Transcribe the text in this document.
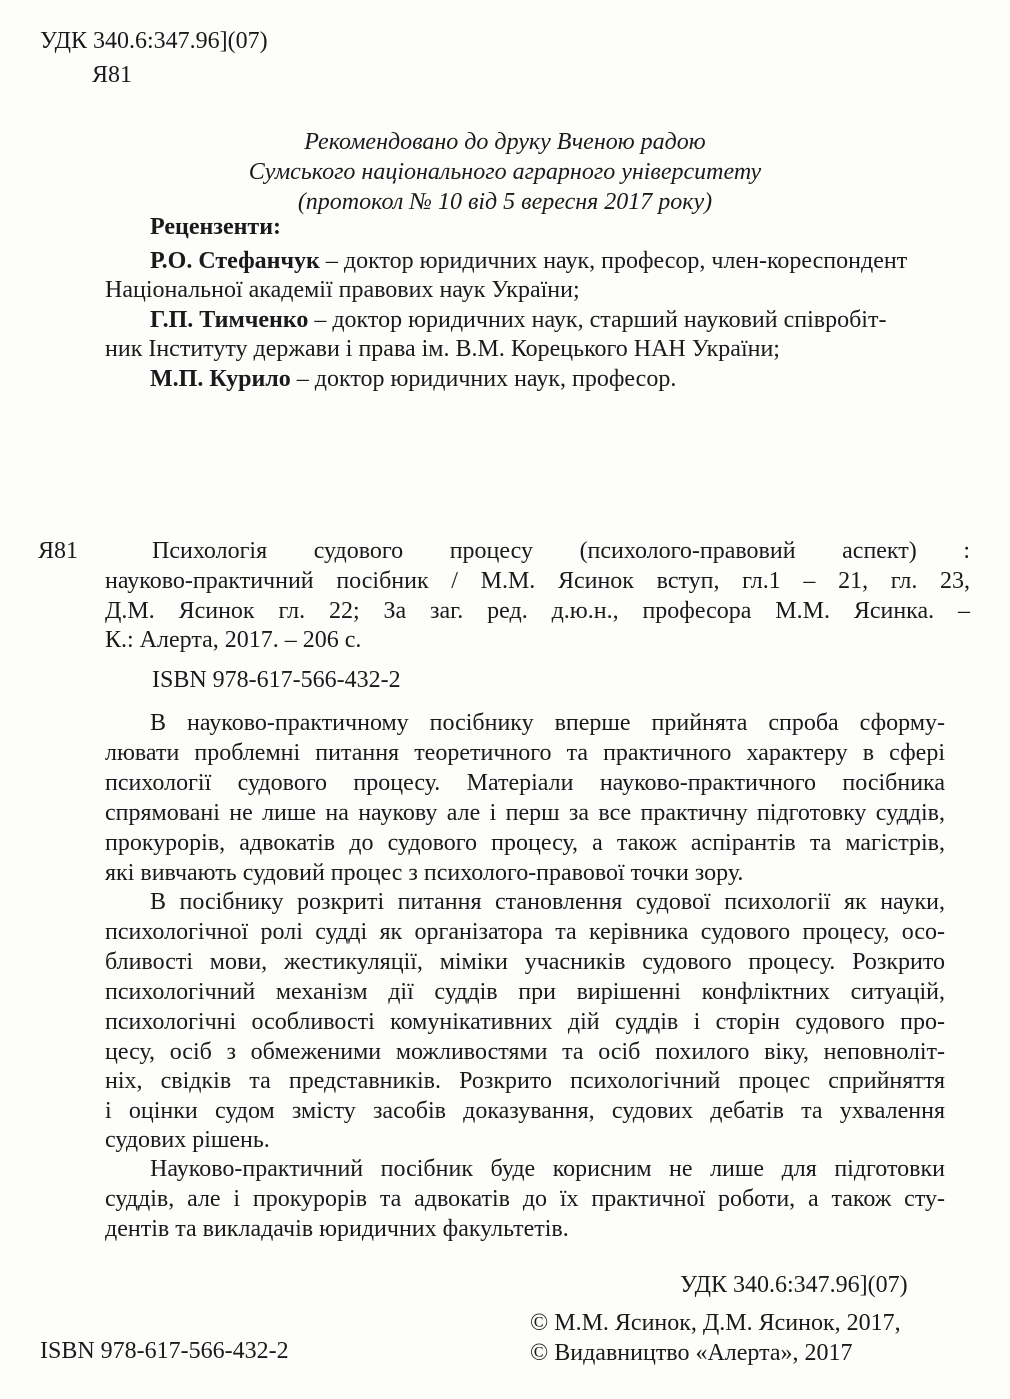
УДК 340.6:347.96](07)
Я81
Рекомендовано до друку Вченою радою
Сумського національного аграрного університету
(протокол № 10 від 5 вересня 2017 року)
Рецензенти:
Р.О. Стефанчук – доктор юридичних наук, професор, член-кореспондент
Національної академії правових наук України;
Г.П. Тимченко – доктор юридичних наук, старший науковий співробіт-
ник Інституту держави і права ім. В.М. Корецького НАН України;
М.П. Курило – доктор юридичних наук, професор.
Я81	Психологія судового процесу (психолого-правовий аспект) :
науково-практичний посібник / М.М. Ясинок вступ, гл.1 – 21, гл. 23,
Д.М. Ясинок гл. 22; За заг. ред. д.ю.н., професора М.М. Ясинка. –
К.: Алерта, 2017. – 206 с.
ISBN 978-617-566-432-2
В науково-практичному посібнику вперше прийнята спроба сформу-
лювати проблемні питання теоретичного та практичного характеру в сфері
психології судового процесу. Матеріали науково-практичного посібника
спрямовані не лише на наукову але і перш за все практичну підготовку суддів,
прокурорів, адвокатів до судового процесу, а також аспірантів та магістрів,
які вивчають судовий процес з психолого-правової точки зору.
В посібнику розкриті питання становлення судової психології як науки,
психологічної ролі судді як організатора та керівника судового процесу, осо-
бливості мови, жестикуляції, міміки учасників судового процесу. Розкрито
психологічний механізм дії суддів при вирішенні конфліктних ситуацій,
психологічні особливості комунікативних дій суддів і сторін судового про-
цесу, осіб з обмеженими можливостями та осіб похилого віку, неповноліт-
ніх, свідків та представників. Розкрито психологічний процес сприйняття
і оцінки судом змісту засобів доказування, судових дебатів та ухвалення
судових рішень.
Науково-практичний посібник буде корисним не лише для підготовки
суддів, але і прокурорів та адвокатів до їх практичної роботи, а також сту-
дентів та викладачів юридичних факультетів.
УДК 340.6:347.96](07)
© М.М. Ясинок, Д.М. Ясинок, 2017,
ISBN 978-617-566-432-2	© Видавництво «Алерта», 2017
